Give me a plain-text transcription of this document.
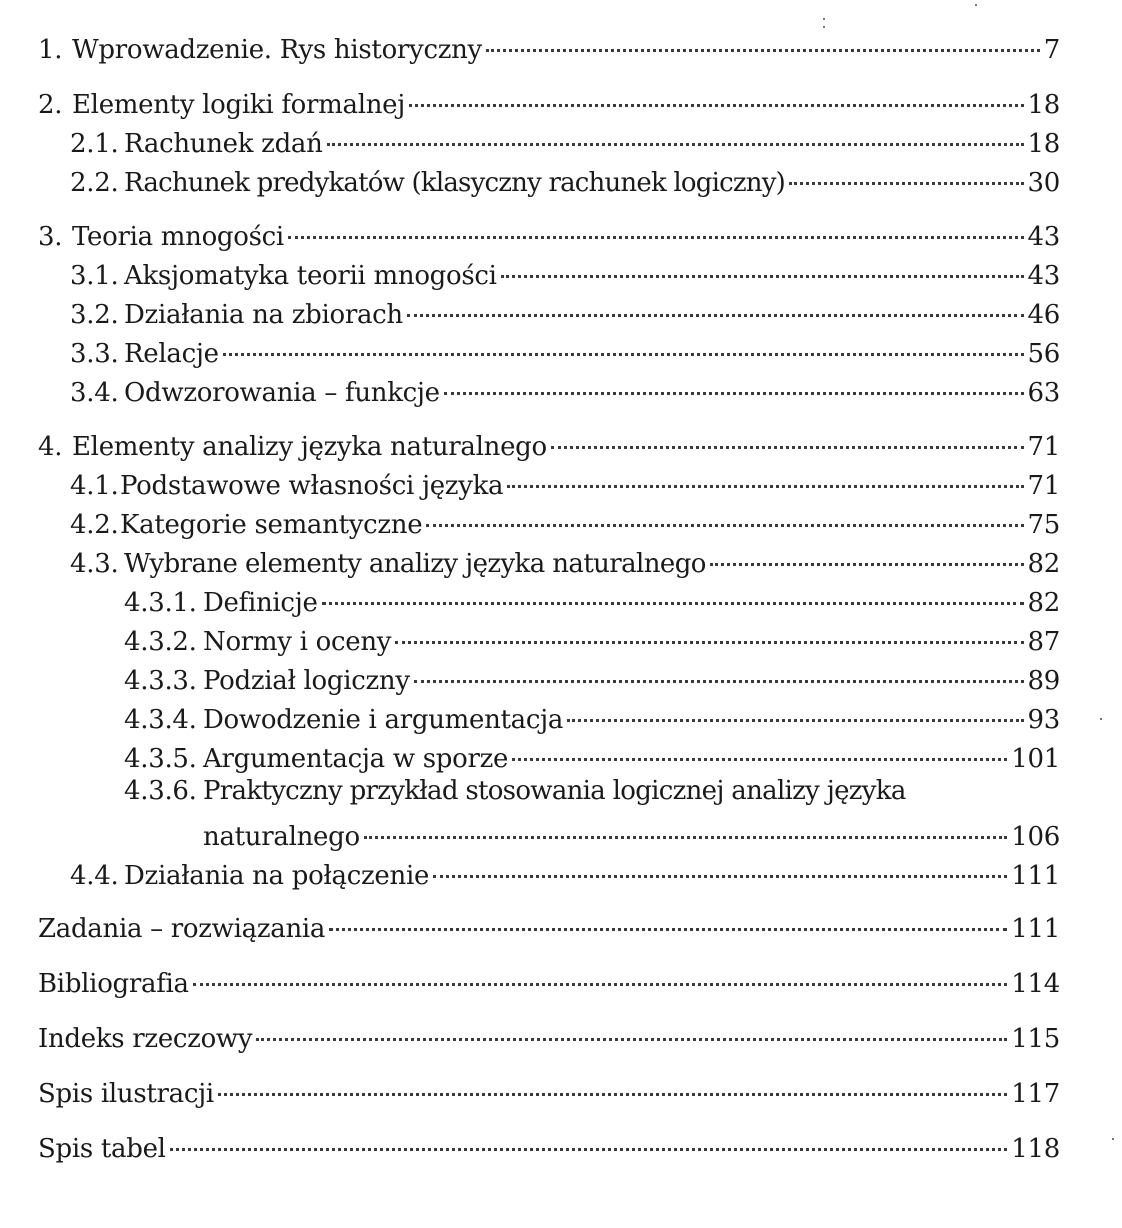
1. Wprowadzenie. Rys historyczny	7
2. Elementy logiki formalnej	18
2.1. Rachunek zdań	18
2.2. Rachunek predykatów (klasyczny rachunek logiczny)	30
3. Teoria mnogości	43
3.1. Aksjomatyka teorii mnogości	43
3.2. Działania na zbiorach	46
3.3. Relacje	56
3.4. Odwzorowania – funkcje	63
4. Elementy analizy języka naturalnego	71
4.1. Podstawowe własności języka	71
4.2. Kategorie semantyczne	75
4.3. Wybrane elementy analizy języka naturalnego	82
4.3.1. Definicje	82
4.3.2. Normy i oceny	87
4.3.3. Podział logiczny	89
4.3.4. Dowodzenie i argumentacja	93
4.3.5. Argumentacja w sporze	101
4.3.6. Praktyczny przykład stosowania logicznej analizy języka
naturalnego	106
4.4. Działania na połączenie	111
Zadania – rozwiązania	111
Bibliografia	114
Indeks rzeczowy	115
Spis ilustracji	117
Spis tabel	118
